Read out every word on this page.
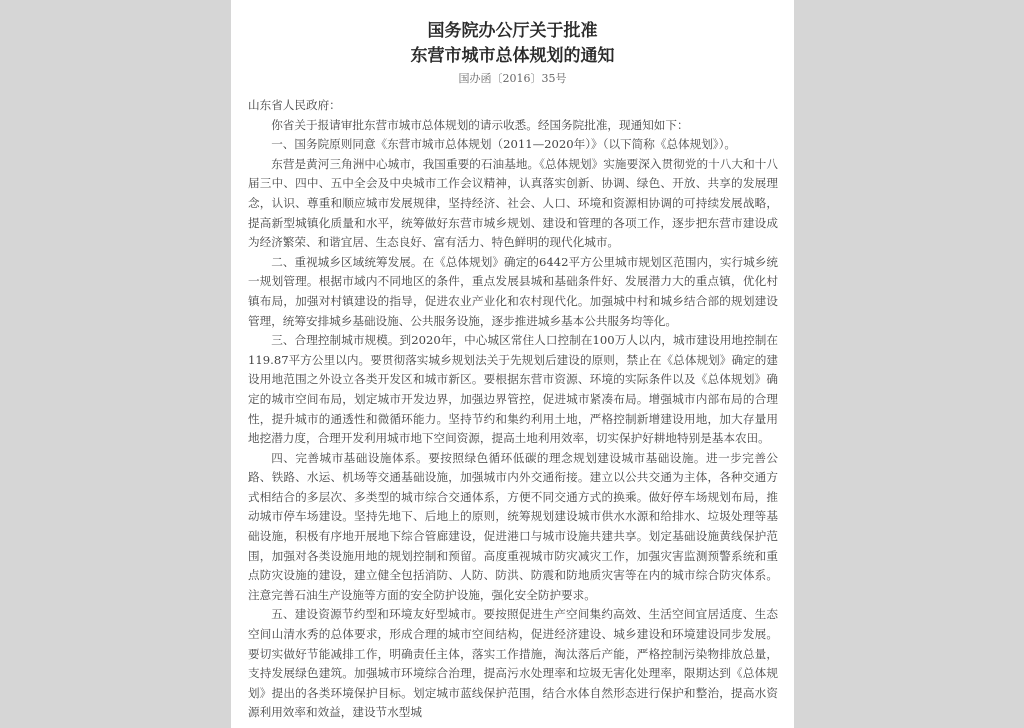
国务院办公厅关于批准
东营市城市总体规划的通知
国办函〔2016〕35号

山东省人民政府：

你省关于报请审批东营市城市总体规划的请示收悉。经国务院批准，现通知如下：

一、国务院原则同意《东营市城市总体规划（2011—2020年）》（以下简称《总体规划》）。

东营是黄河三角洲中心城市，我国重要的石油基地。《总体规划》实施要深入贯彻党的十八大和十八届三中、四中、五中全会及中央城市工作会议精神，认真落实创新、协调、绿色、开放、共享的发展理念，认识、尊重和顺应城市发展规律，坚持经济、社会、人口、环境和资源相协调的可持续发展战略，提高新型城镇化质量和水平，统筹做好东营市城乡规划、建设和管理的各项工作，逐步把东营市建设成为经济繁荣、和谐宜居、生态良好、富有活力、特色鲜明的现代化城市。

二、重视城乡区域统筹发展。在《总体规划》确定的6442平方公里城市规划区范围内，实行城乡统一规划管理。根据市域内不同地区的条件，重点发展县城和基础条件好、发展潜力大的重点镇，优化村镇布局，加强对村镇建设的指导，促进农业产业化和农村现代化。加强城中村和城乡结合部的规划建设管理，统筹安排城乡基础设施、公共服务设施，逐步推进城乡基本公共服务均等化。

三、合理控制城市规模。到2020年，中心城区常住人口控制在100万人以内，城市建设用地控制在119.87平方公里以内。要贯彻落实城乡规划法关于先规划后建设的原则，禁止在《总体规划》确定的建设用地范围之外设立各类开发区和城市新区。要根据东营市资源、环境的实际条件以及《总体规划》确定的城市空间布局，划定城市开发边界，加强边界管控，促进城市紧凑布局。增强城市内部布局的合理性，提升城市的通透性和微循环能力。坚持节约和集约利用土地，严格控制新增建设用地，加大存量用地挖潜力度，合理开发利用城市地下空间资源，提高土地利用效率，切实保护好耕地特别是基本农田。

四、完善城市基础设施体系。要按照绿色循环低碳的理念规划建设城市基础设施。进一步完善公路、铁路、水运、机场等交通基础设施，加强城市内外交通衔接。建立以公共交通为主体，各种交通方式相结合的多层次、多类型的城市综合交通体系，方便不同交通方式的换乘。做好停车场规划布局，推动城市停车场建设。坚持先地下、后地上的原则，统筹规划建设城市供水水源和给排水、垃圾处理等基础设施，积极有序地开展地下综合管廊建设，促进港口与城市设施共建共享。划定基础设施黄线保护范围，加强对各类设施用地的规划控制和预留。高度重视城市防灾减灾工作，加强灾害监测预警系统和重点防灾设施的建设，建立健全包括消防、人防、防洪、防震和防地质灾害等在内的城市综合防灾体系。注意完善石油生产设施等方面的安全防护设施，强化安全防护要求。

五、建设资源节约型和环境友好型城市。要按照促进生产空间集约高效、生活空间宜居适度、生态空间山清水秀的总体要求，形成合理的城市空间结构，促进经济建设、城乡建设和环境建设同步发展。要切实做好节能减排工作，明确责任主体，落实工作措施，淘汰落后产能，严格控制污染物排放总量，支持发展绿色建筑。加强城市环境综合治理，提高污水处理率和垃圾无害化处理率，限期达到《总体规划》提出的各类环境保护目标。划定城市蓝线保护范围，结合水体自然形态进行保护和整治，提高水资源利用效率和效益，建设节水型城
